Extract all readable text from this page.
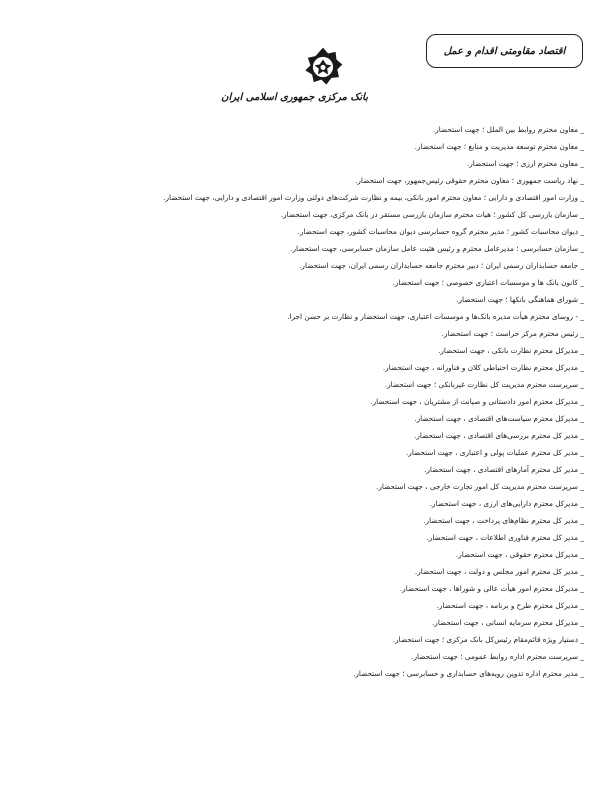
اقتصاد مقاومتی اقدام و عمل
بانک مرکزی جمهوری اسلامی ایران
_ معاون محترم روابط بین الملل ؛ جهت استحضار.
_ معاون محترم توسعه مدیریت و منابع ؛ جهت استحضار.
_ معاون محترم ارزی ؛ جهت استحضار.
_ نهاد ریاست جمهوری ؛ معاون محترم حقوقی رئیس‌جمهور، جهت استحضار.
_ وزارت امور اقتصادی و دارایی ؛ معاون محترم امور بانکی، بیمه و نظارت شرکت‌های دولتی وزارت امور اقتصادی و دارایی، جهت استحضار.
_ سازمان بازرسی کل کشور ؛ هیات محترم سازمان بازرسی مستقر در بانک مرکزی، جهت استحضار.
_ دیوان محاسبات کشور ؛ مدیر محترم گروه حسابرسی دیوان محاسبات کشور، جهت استحضار.
_ سازمان حسابرسی ؛ مدیرعامل محترم و رئیس هئیت عامل سازمان حسابرسی، جهت استحضار.
_ جامعه حسابداران رسمی ایران ؛ دبیر محترم جامعه حسابداران رسمی ایران، جهت استحضار.
_ کانون بانک ها و موسسات اعتباری خصوصی ؛ جهت استحضار.
_ شورای هماهنگی بانکها ؛ جهت استحضار.
_ - روسای محترم هیأت مدیره بانک‌ها و موسسات اعتباری، جهت استحضار و نظارت بر حسن اجرا.
_ رئیس محترم مرکز حراست ؛ جهت استحضار.
_ مدیرکل محترم نظارت بانکی ، جهت استحضار.
_ مدیرکل محترم نظارت احتیاطی کلان و فناورانه ، جهت استحضار.
_ سرپرست محترم مدیریت کل نظارت غیربانکی ؛ جهت استحضار.
_ مدیرکل محترم امور دادستانی و صیانت از مشتریان ، جهت استحضار.
_ مدیرکل محترم سیاست‌های اقتصادی ، جهت استحضار.
_ مدیر کل محترم بررسی‌های اقتصادی ، جهت استحضار.
_ مدیر کل محترم عملیات پولی و اعتباری ، جهت استحضار.
_ مدیر کل محترم آمارهای اقتصادی ، جهت استحضار.
_ سرپرست محترم مدیریت کل امور تجارت خارجی ، جهت استحضار.
_ مدیرکل محترم دارایی‌های ارزی ، جهت استحضار.
_ مدیر کل محترم نظام‌های پرداخت ، جهت استحضار.
_ مدیر کل محترم فناوری اطلاعات ، جهت استحضار.
_ مدیرکل محترم حقوقی ، جهت استحضار.
_ مدیر کل محترم امور مجلس و دولت ، جهت استحضار.
_ مدیرکل محترم امور هیأت عالی و شوراها ، جهت استحضار.
_ مدیرکل محترم طرح و برنامه ، جهت استحضار.
_ مدیرکل محترم سرمایه انسانی ، جهت استحضار.
_ دستیار ویژه قائم‌مقام رئیس‌کل بانک مرکزی ؛ جهت استحضار.
_ سرپرست محترم اداره روابط عمومی ؛ جهت استحضار.
_ مدیر محترم اداره تدوین رویه‌های حسابداری و حسابرسی ؛ جهت استحضار.
